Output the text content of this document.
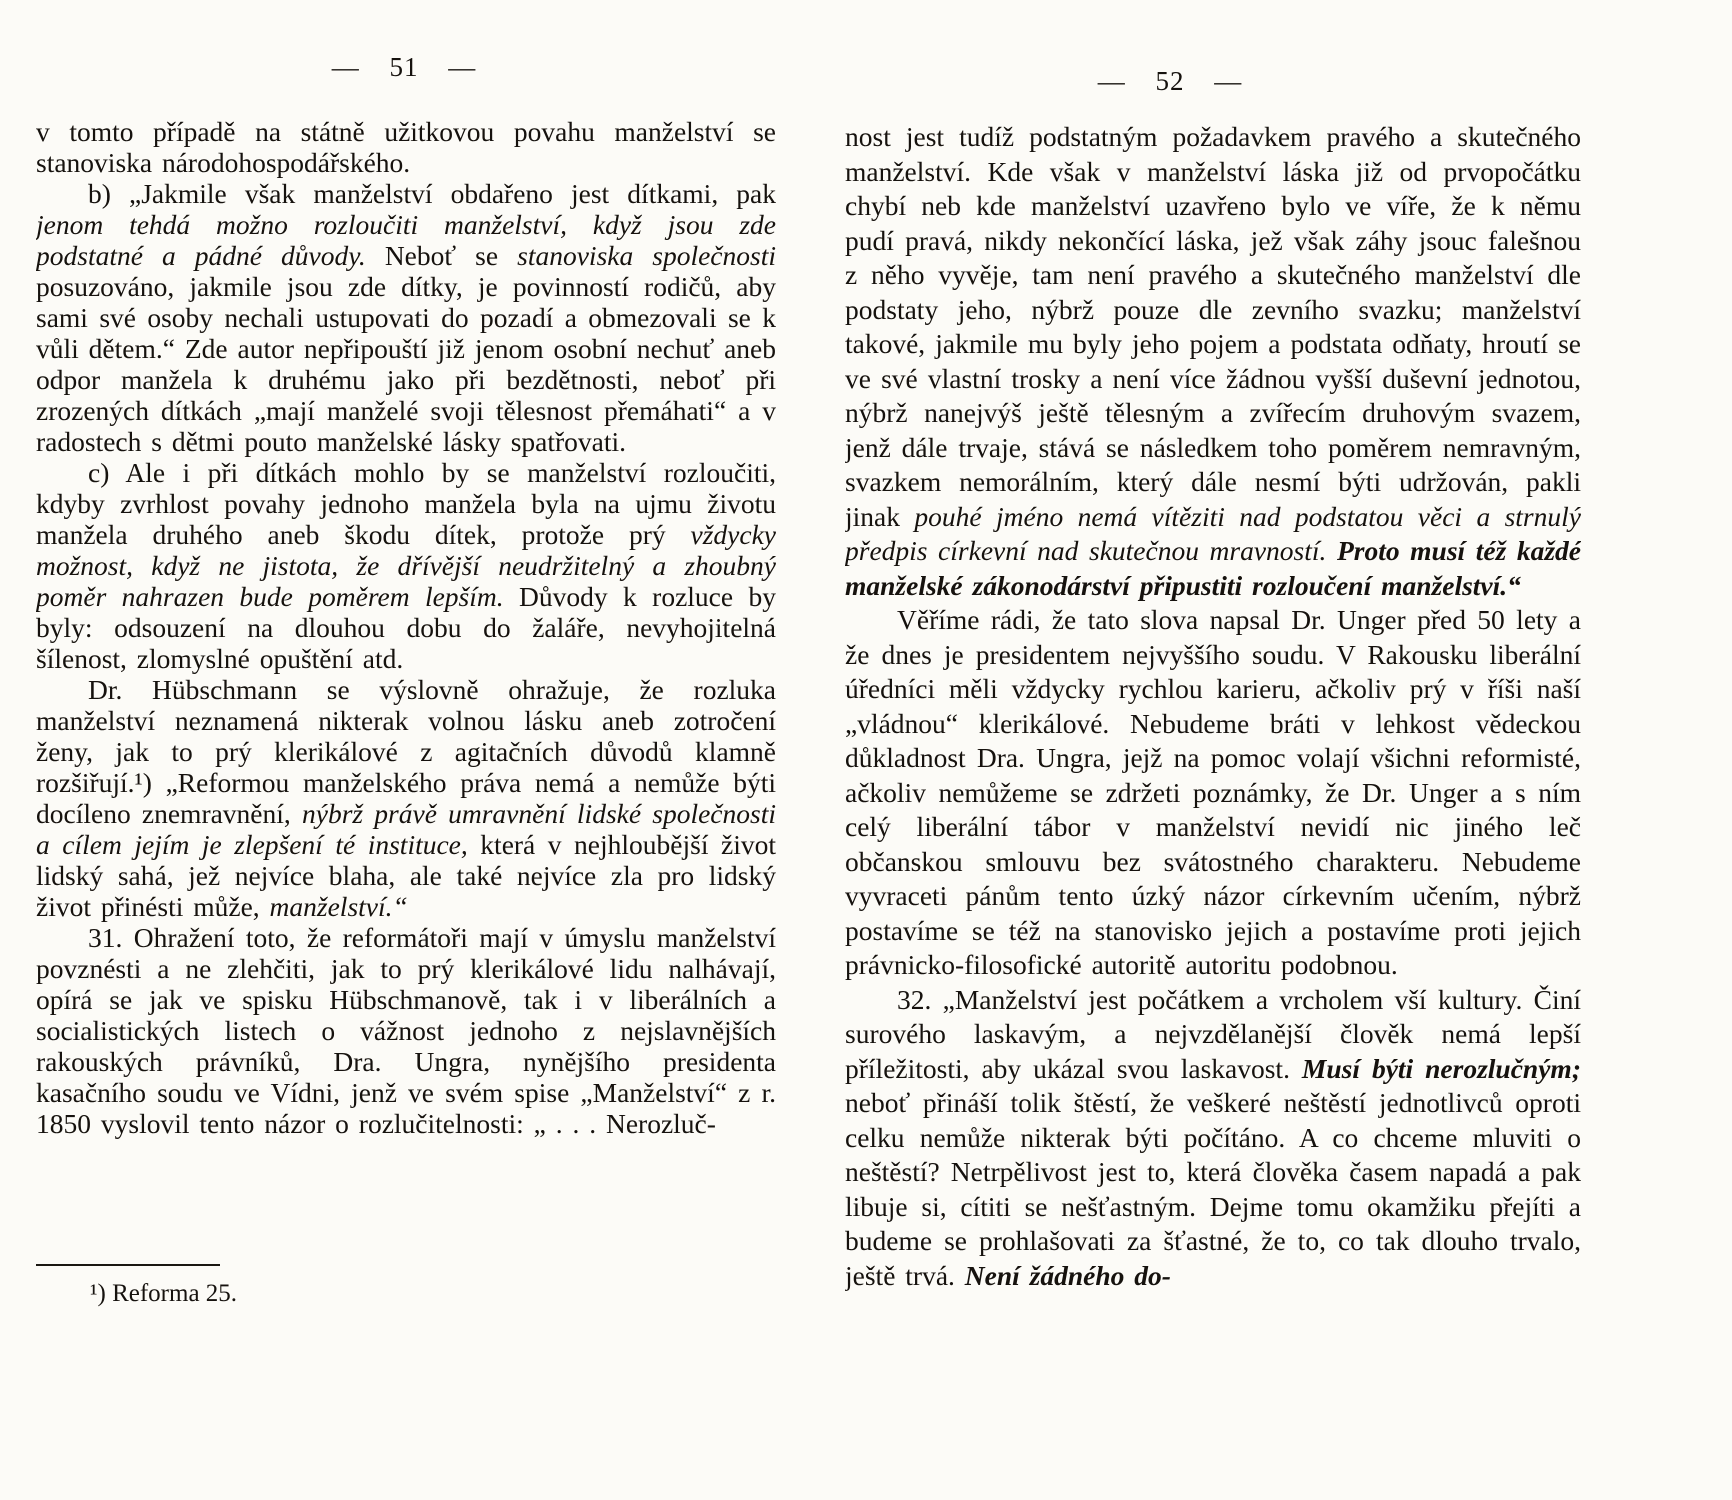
— 51 —	— 52 —

v tomto případě na státně užitkovou povahu manželství se stanoviska národohospodářského.

b) „Jakmile však manželství obdařeno jest dítkami, pak jenom tehdá možno rozloučiti manželství, když jsou zde podstatné a pádné důvody. Neboť se stanoviska společnosti posuzováno, jakmile jsou zde dítky, je povinností rodičů, aby sami své osoby nechali ustupovati do pozadí a obmezovali se k vůli dětem.“ Zde autor nepřipouští již jenom osobní nechuť aneb odpor manžela k druhému jako při bezdětnosti, neboť při zrozených dítkách „mají manželé svoji tělesnost přemáhati“ a v radostech s dětmi pouto manželské lásky spatřovati.

c) Ale i při dítkách mohlo by se manželství rozloučiti, kdyby zvrhlost povahy jednoho manžela byla na ujmu životu manžela druhého aneb škodu dítek, protože prý vždycky možnost, když ne jistota, že dřívější neudržitelný a zhoubný poměr nahrazen bude poměrem lepším. Důvody k rozluce by byly: odsouzení na dlouhou dobu do žaláře, nevyhojitelná šílenost, zlomyslné opuštění atd.

Dr. Hübschmann se výslovně ohražuje, že rozluka manželství neznamená nikterak volnou lásku aneb zotročení ženy, jak to prý klerikálové z agitačních důvodů klamně rozšiřují.¹) „Reformou manželského práva nemá a nemůže býti docíleno znemravnění, nýbrž právě umravnění lidské společnosti a cílem jejím je zlepšení té instituce, která v nejhloubější život lidský sahá, jež nejvíce blaha, ale také nejvíce zla pro lidský život přinésti může, manželství.“

31. Ohražení toto, že reformátoři mají v úmyslu manželství povznésti a ne zlehčiti, jak to prý klerikálové lidu nalhávají, opírá se jak ve spisku Hübschmanově, tak i v liberálních a socialistických listech o vážnost jednoho z nejslavnějších rakouských právníků, Dra. Ungra, nynějšího presidenta kasačního soudu ve Vídni, jenž ve svém spise „Manželství“ z r. 1850 vyslovil tento názor o rozlučitelnosti: „ . . . Nerozluč-

¹) Reforma 25.

nost jest tudíž podstatným požadavkem pravého a skutečného manželství. Kde však v manželství láska již od prvopočátku chybí neb kde manželství uzavřeno bylo ve víře, že k němu pudí pravá, nikdy nekončící láska, jež však záhy jsouc falešnou z něho vyvěje, tam není pravého a skutečného manželství dle podstaty jeho, nýbrž pouze dle zevního svazku; manželství takové, jakmile mu byly jeho pojem a podstata odňaty, hroutí se ve své vlastní trosky a není více žádnou vyšší duševní jednotou, nýbrž nanejvýš ještě tělesným a zvířecím druhovým svazem, jenž dále trvaje, stává se následkem toho poměrem nemravným, svazkem nemorálním, který dále nesmí býti udržován, pakli jinak pouhé jméno nemá vítěziti nad podstatou věci a strnulý předpis církevní nad skutečnou mravností. Proto musí též každé manželské zákonodárství připustiti rozloučení manželství.“

Věříme rádi, že tato slova napsal Dr. Unger před 50 lety a že dnes je presidentem nejvyššího soudu. V Rakousku liberální úředníci měli vždycky rychlou karieru, ačkoliv prý v říši naší „vládnou“ klerikálové. Nebudeme bráti v lehkost vědeckou důkladnost Dra. Ungra, jejž na pomoc volají všichni reformisté, ačkoliv nemůžeme se zdržeti poznámky, že Dr. Unger a s ním celý liberální tábor v manželství nevidí nic jiného leč občanskou smlouvu bez svátostného charakteru. Nebudeme vyvraceti pánům tento úzký názor církevním učením, nýbrž postavíme se též na stanovisko jejich a postavíme proti jejich právnicko-filosofické autoritě autoritu podobnou.

32. „Manželství jest počátkem a vrcholem vší kultury. Činí surového laskavým, a nejvzdělanější člověk nemá lepší příležitosti, aby ukázal svou laskavost. Musí býti nerozlučným; neboť přináší tolik štěstí, že veškeré neštěstí jednotlivců oproti celku nemůže nikterak býti počítáno. A co chceme mluviti o neštěstí? Netrpělivost jest to, která člověka časem napadá a pak libuje si, cítiti se nešťastným. Dejme tomu okamžiku přejíti a budeme se prohlašovati za šťastné, že to, co tak dlouho trvalo, ještě trvá. Není žádného do-
